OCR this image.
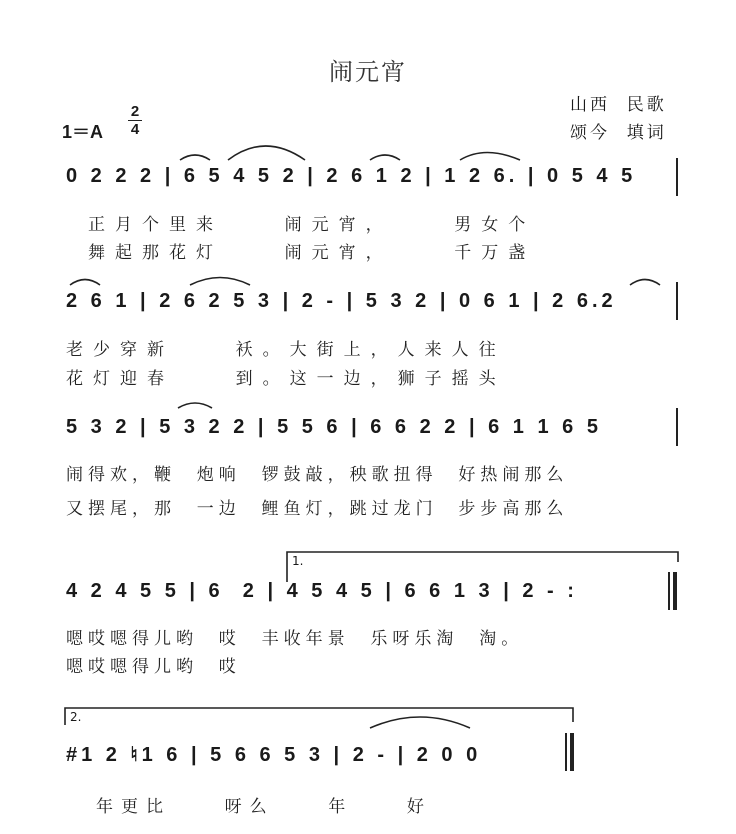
闹元宵
山西  民歌
颂今  填词
1＝A
2
4
0 2 2 2 | 6 5 4 5 2 | 2 6 1 2 | 1 2 6. | 0 5 4 5
正月个里来    闹元宵，    男女个
舞起那花灯    闹元宵，    千万盏
2 6 1 | 2 6 2 5 3 | 2 - | 5 3 2 | 0 6 1 | 2 6.2
老少穿新    袄。大街上，人来人往
花灯迎春    到。这一边，狮子摇头
5 3 2 | 5 3 2 2 | 5 5 6 | 6 6 2 2 | 6 1 1 6 5
闹得欢，鞭  炮响  锣鼓敲，秧歌扭得  好热闹那么
又摆尾，那  一边  鲤鱼灯，跳过龙门  步步高那么
1.
4 2 4 5 5 | 6  2 | 4 5 4 5 | 6 6 1 3 | 2 - :
嗯哎嗯得儿哟  哎  丰收年景  乐呀乐淘  淘。
嗯哎嗯得儿哟  哎
2.
#1 2 ♮1 6 | 5 6 6 5 3 | 2 - | 2 0 0
年更比    呀么    年    好
